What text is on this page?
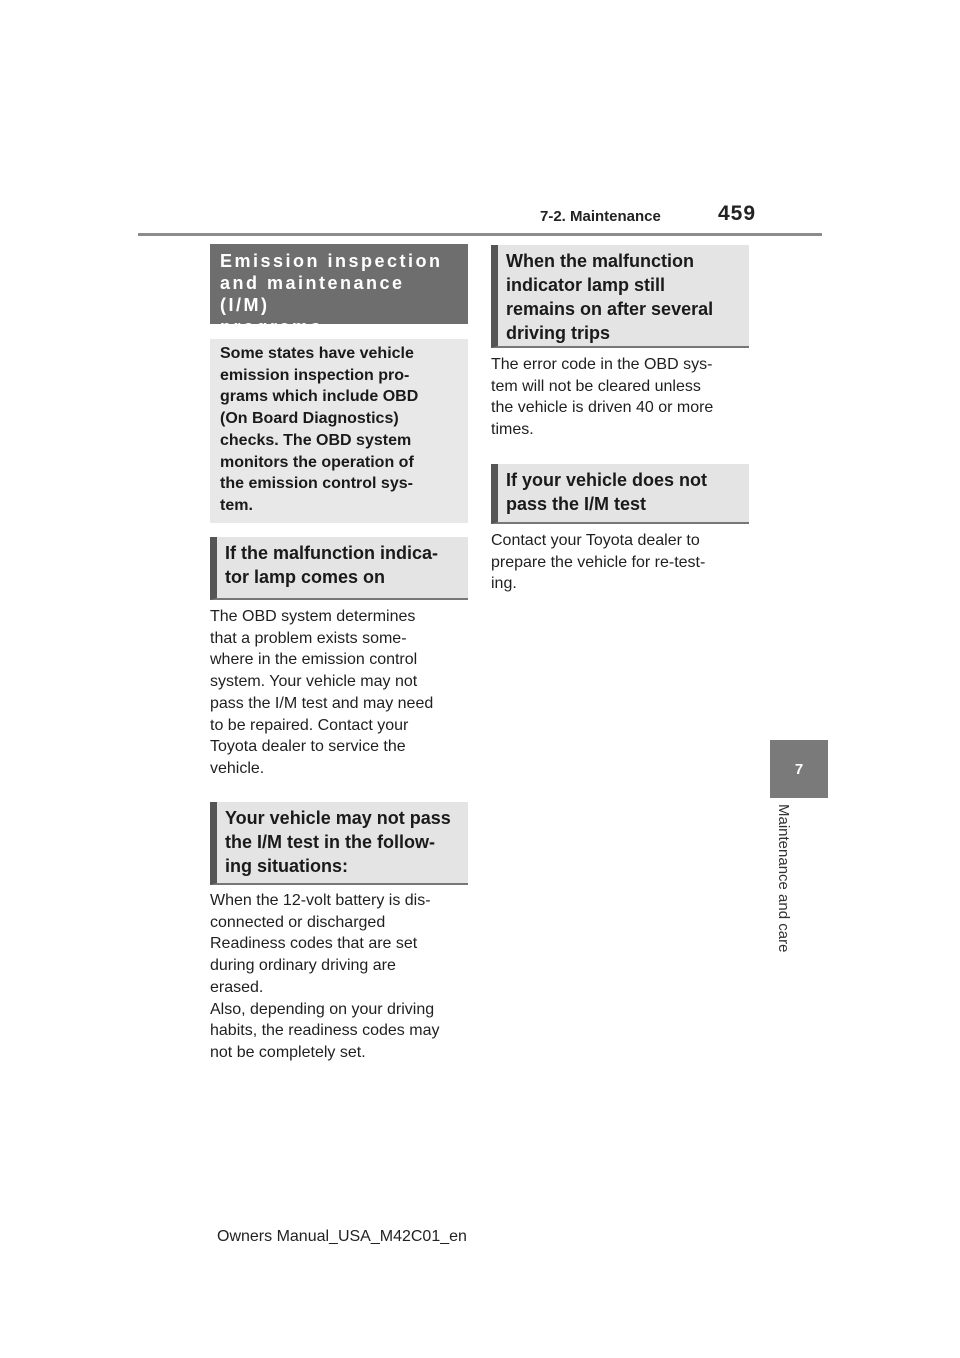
7-2. Maintenance	459
7
Maintenance and care
Emission inspection
and maintenance (I/M)
programs
Some states have vehicle
emission inspection pro-
grams which include OBD
(On Board Diagnostics)
checks. The OBD system
monitors the operation of
the emission control sys-
tem.
If the malfunction indica-
tor lamp comes on
The OBD system determines
that a problem exists some-
where in the emission control
system. Your vehicle may not
pass the I/M test and may need
to be repaired. Contact your
Toyota dealer to service the
vehicle.
Your vehicle may not pass
the I/M test in the follow-
ing situations:
When the 12-volt battery is dis-
connected or discharged
Readiness codes that are set
during ordinary driving are
erased.
Also, depending on your driving
habits, the readiness codes may
not be completely set.
When the malfunction
indicator lamp still
remains on after several
driving trips
The error code in the OBD sys-
tem will not be cleared unless
the vehicle is driven 40 or more
times.
If your vehicle does not
pass the I/M test
Contact your Toyota dealer to
prepare the vehicle for re-test-
ing.
Owners Manual_USA_M42C01_en
